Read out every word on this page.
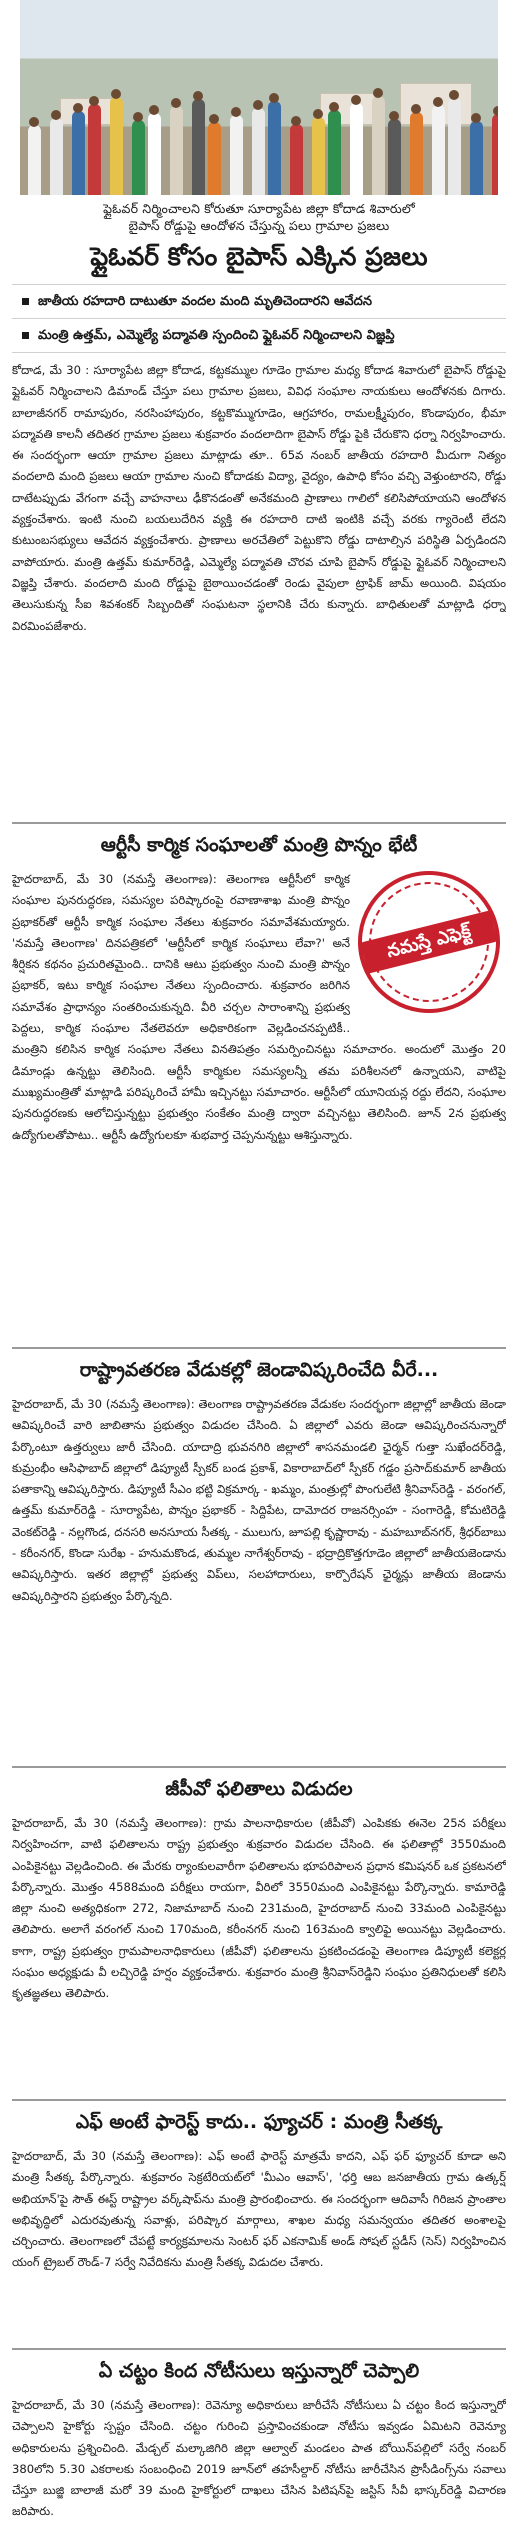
ఫ్లైఓవర్ నిర్మించాలని కోరుతూ సూర్యాపేట జిల్లా కోదాడ శివారులో
బైపాస్ రోడ్డుపై ఆందోళన చేస్తున్న పలు గ్రామాల ప్రజలు
ఫ్లైఓవర్ కోసం బైపాస్ ఎక్కిన ప్రజలు
జాతీయ రహదారి దాటుతూ వందల మంది మృతిచెందారని ఆవేదన
మంత్రి ఉత్తమ్, ఎమ్మెల్యే పద్మావతి స్పందించి ఫ్లైఓవర్ నిర్మించాలని విజ్ఞప్తి
కోదాడ, మే 30 : సూర్యాపేట జిల్లా కోదాడ, కట్టకమ్ముల గూడెం గ్రామాల మధ్య కోదాడ శివారులో బైపాస్ రోడ్డుపై ఫ్లైఓవర్ నిర్మించాలని డిమాండ్ చేస్తూ పలు గ్రామాల ప్రజలు, వివిధ సంఘాల నాయకులు ఆందోళనకు దిగారు. బాలాజీనగర్ రామాపురం, నరసింహాపురం, కట్టకొమ్ముగూడెం, ఆగ్రహారం, రామలక్ష్మీపురం, కొండాపురం, భీమా పద్మావతి కాలనీ తదితర గ్రామాల ప్రజలు శుక్రవారం వందలాదిగా బైపాస్ రోడ్డు పైకి చేరుకొని ధర్నా నిర్వహించారు. ఈ సందర్భంగా ఆయా గ్రామాల ప్రజలు మాట్లాడు తూ.. 65వ నంబర్ జాతీయ రహదారి మీదుగా నిత్యం వందలాది మంది ప్రజలు ఆయా గ్రామాల నుంచి కోదాడకు విద్యా, వైద్యం, ఉపాధి కోసం వచ్చి వెళ్తుంటారని, రోడ్డు దాటేటప్పుడు వేగంగా వచ్చే వాహనాలు ఢీకొనడంతో అనేకమంది ప్రాణాలు గాలిలో కలిసిపోయాయని ఆందోళన వ్యక్తంచేశారు. ఇంటి నుంచి బయలుదేరిన వ్యక్తి ఈ రహదారి దాటి ఇంటికి వచ్చే వరకు గ్యారెంటీ లేదని కుటుంబసభ్యులు ఆవేదన వ్యక్తంచేశారు. ప్రాణాలు అరచేతిలో పెట్టుకొని రోడ్డు దాటాల్సిన పరిస్థితి ఏర్పడిందని వాపోయారు. మంత్రి ఉత్తమ్ కుమార్‌రెడ్డి, ఎమ్మెల్యే పద్మావతి చొరవ చూపి బైపాస్ రోడ్డుపై ఫ్లైఓవర్ నిర్మించాలని విజ్ఞప్తి చేశారు. వందలాది మంది రోడ్డుపై బైఠాయించడంతో రెండు వైపులా ట్రాఫిక్ జామ్ అయింది. విషయం తెలుసుకున్న సీఐ శివశంకర్ సిబ్బందితో సంఘటనా స్థలానికి చేరు కున్నారు. బాధితులతో మాట్లాడి ధర్నా విరమింపజేశారు.
ఆర్టీసీ కార్మిక సంఘాలతో మంత్రి పొన్నం భేటీ
నమస్తే ఎఫెక్ట్
హైదరాబాద్, మే 30 (నమస్తే తెలంగాణ): తెలంగాణ ఆర్టీసీలో కార్మిక సంఘాల పునరుద్ధరణ, సమస్యల పరిష్కారంపై రవాణాశాఖ మంత్రి పొన్నం ప్రభాకర్‌తో ఆర్టీసీ కార్మిక సంఘాల నేతలు శుక్రవారం సమావేశమయ్యారు. 'నమస్తే తెలంగాణ' దినపత్రికలో 'ఆర్టీసీలో కార్మిక సంఘాలు లేవా?' అనే శీర్షికన కథనం ప్రచురితమైంది.. దానికి ఆటు ప్రభుత్వం నుంచి మంత్రి పొన్నం ప్రభాకర్, ఇటు కార్మిక సంఘాల నేతలు స్పందించారు. శుక్రవారం జరిగిన సమావేశం ప్రాధాన్యం సంతరించుకున్నది. వీరి చర్చల సారాంశాన్ని ప్రభుత్వ పెద్దలు, కార్మిక సంఘాల నేతలెవరూ అధికారికంగా వెల్లడించనప్పటికీ.. మంత్రిని కలిసిన కార్మిక సంఘాల నేతలు వినతిపత్రం సమర్పించినట్టు సమాచారం. అందులో మొత్తం 20 డిమాండ్లు ఉన్నట్టు తెలిసింది. ఆర్టీసీ కార్మికుల సమస్యలన్నీ తమ పరిశీలనలో ఉన్నాయని, వాటిపై ముఖ్యమంత్రితో మాట్లాడి పరిష్కరించే హామీ ఇచ్చినట్టు సమాచారం. ఆర్టీసీలో యూనియన్ల రద్దు లేదని, సంఘాల పునరుద్ధరణకు ఆలోచిస్తున్నట్టు ప్రభుత్వం సంకేతం మంత్రి ద్వారా వచ్చినట్టు తెలిసింది. జూన్ 2న ప్రభుత్వ ఉద్యోగులతోపాటు.. ఆర్టీసీ ఉద్యోగులకూ శుభవార్త చెప్పనున్నట్టు ఆశిస్తున్నారు.
రాష్ట్రావతరణ వేడుకల్లో జెండావిష్కరించేది వీరే...
హైదరాబాద్, మే 30 (నమస్తే తెలంగాణ): తెలంగాణ రాష్ట్రావతరణ వేడుకల సందర్భంగా జిల్లాల్లో జాతీయ జెండా ఆవిష్కరించే వారి జాబితాను ప్రభుత్వం విడుదల చేసింది. ఏ జిల్లాలో ఎవరు జెండా ఆవిష్కరించనున్నారో పేర్కొంటూ ఉత్తర్వులు జారీ చేసింది. యాదాద్రి భువనగిరి జిల్లాలో శాసనమండలి ఛైర్మన్ గుత్తా సుఖేందర్‌రెడ్డి, కుమ్రంభీం ఆసిఫాబాద్ జిల్లాలో డిప్యూటీ స్పీకర్ బండ ప్రకాశ్, వికారాబాద్‌లో స్పీకర్ గడ్డం ప్రసాద్‌కుమార్ జాతీయ పతాకాన్ని ఆవిష్కరిస్తారు. డిప్యూటీ సీఎం భట్టి విక్రమార్క - ఖమ్మం, మంత్రుల్లో పొంగులేటి శ్రీనివాస్‌రెడ్డి - వరంగల్, ఉత్తమ్ కుమార్‌రెడ్డి - సూర్యాపేట, పొన్నం ప్రభాకర్ - సిద్దిపేట, దామోదర రాజనర్సింహ - సంగారెడ్డి, కోమటిరెడ్డి వెంకట్‌రెడ్డి - నల్లగొండ, దనసరి అనసూయ సీతక్క - ములుగు, జూపల్లి కృష్ణారావు - మహబూబ్‌నగర్, శ్రీధర్‌బాబు - కరీంనగర్, కొండా సురేఖ - హనుమకొండ, తుమ్మల నాగేశ్వర్‌రావు - భద్రాద్రికొత్తగూడెం జిల్లాలో జాతీయజెండాను ఆవిష్కరిస్తారు. ఇతర జిల్లాల్లో ప్రభుత్వ విప్‌లు, సలహాదారులు, కార్పొరేషన్ ఛైర్మన్లు జాతీయ జెండాను ఆవిష్కరిస్తారని ప్రభుత్వం పేర్కొన్నది.
జీపీవో ఫలితాలు విడుదల
హైదరాబాద్, మే 30 (నమస్తే తెలంగాణ): గ్రామ పాలనాధికారుల (జీపీవో) ఎంపికకు ఈనెల 25న పరీక్షలు నిర్వహించగా, వాటి ఫలితాలను రాష్ట్ర ప్రభుత్వం శుక్రవారం విడుదల చేసింది. ఈ ఫలితాల్లో 3550మంది ఎంపికైనట్టు వెల్లడించింది. ఈ మేరకు ర్యాంకులవారీగా ఫలితాలను భూపరిపాలన ప్రధాన కమిషనర్ ఒక ప్రకటనలో పేర్కొన్నారు. మొత్తం 4588మంది పరీక్షలు రాయగా, వీరిలో 3550మంది ఎంపికైనట్టు పేర్కొన్నారు. కామారెడ్డి జిల్లా నుంచి అత్యధికంగా 272, నిజామాబాద్ నుంచి 231మంది, హైదరాబాద్ నుంచి 33మంది ఎంపికైనట్టు తెలిపారు. అలాగే వరంగల్ నుంచి 170మంది, కరీంనగర్ నుంచి 163మంది క్వాలిఫై అయినట్టు వెల్లడించారు. కాగా, రాష్ట్ర ప్రభుత్వం గ్రామపాలనాధికారులు (జీపీవో) ఫలితాలను ప్రకటించడంపై తెలంగాణ డిప్యూటీ కలెక్టర్ల సంఘం అధ్యక్షుడు వీ లచ్చిరెడ్డి హర్షం వ్యక్తంచేశారు. శుక్రవారం మంత్రి శ్రీనివాస్‌రెడ్డిని సంఘం ప్రతినిధులతో కలిసి కృతజ్ఞతలు తెలిపారు.
ఎఫ్ అంటే ఫారెస్ట్ కాదు.. ఫ్యూచర్ : మంత్రి సీతక్క
హైదరాబాద్, మే 30 (నమస్తే తెలంగాణ): ఎఫ్ అంటే ఫారెస్ట్ మాత్రమే కాదని, ఎఫ్ ఫర్ ఫ్యూచర్ కూడా అని మంత్రి సీతక్క పేర్కొన్నారు. శుక్రవారం సెక్రటేరియట్‌లో 'మీఎం ఆవాస్', 'ధర్తి ఆబ జనజాతీయ గ్రామ ఉత్కర్ష్ అభియాన్‌'పై సౌత్ ఈస్ట్ రాష్ట్రాల వర్క్‌షాప్‌ను మంత్రి ప్రారంభించారు. ఈ సందర్భంగా ఆదివాసీ గిరిజన ప్రాంతాల అభివృద్ధిలో ఎదురవుతున్న సవాళ్లు, పరిష్కార మార్గాలు, శాఖల మధ్య సమన్వయం తదితర అంశాలపై చర్చించారు. తెలంగాణలో చేపట్టే కార్యక్రమాలను సెంటర్ ఫర్ ఎకనామిక్ అండ్ సోషల్ స్టడీస్ (సెస్) నిర్వహించిన యంగ్ ట్రైబల్ రౌండ్-7 సర్వే నివేదికను మంత్రి సీతక్క విడుదల చేశారు.
ఏ చట్టం కింద నోటీసులు ఇస్తున్నారో చెప్పాలి
హైదరాబాద్, మే 30 (నమస్తే తెలంగాణ): రెవెన్యూ అధికారులు జారీచేసే నోటీసులు ఏ చట్టం కింద ఇస్తున్నారో చెప్పాలని హైకోర్టు స్పష్టం చేసింది. చట్టం గురించి ప్రస్తావించకుండా నోటీసు ఇవ్వడం ఏమిటని రెవెన్యూ అధికారులను ప్రశ్నించింది. మేడ్చల్ మల్కాజిగిరి జిల్లా ఆల్వాల్ మండలం పాత బోయిన్‌పల్లిలో సర్వే నంబర్ 380లోని 5.30 ఎకరాలకు సంబంధించి 2019 జూన్‌లో తహసీల్దార్ నోటీసు జారీచేసిన ప్రొసీడింగ్స్‌ను సవాలు చేస్తూ బుజ్జి బాలాజీ మరో 39 మంది హైకోర్టులో దాఖలు చేసిన పిటిషన్‌పై జస్టిస్ సీవీ భాస్కర్‌రెడ్డి విచారణ జరిపారు.
